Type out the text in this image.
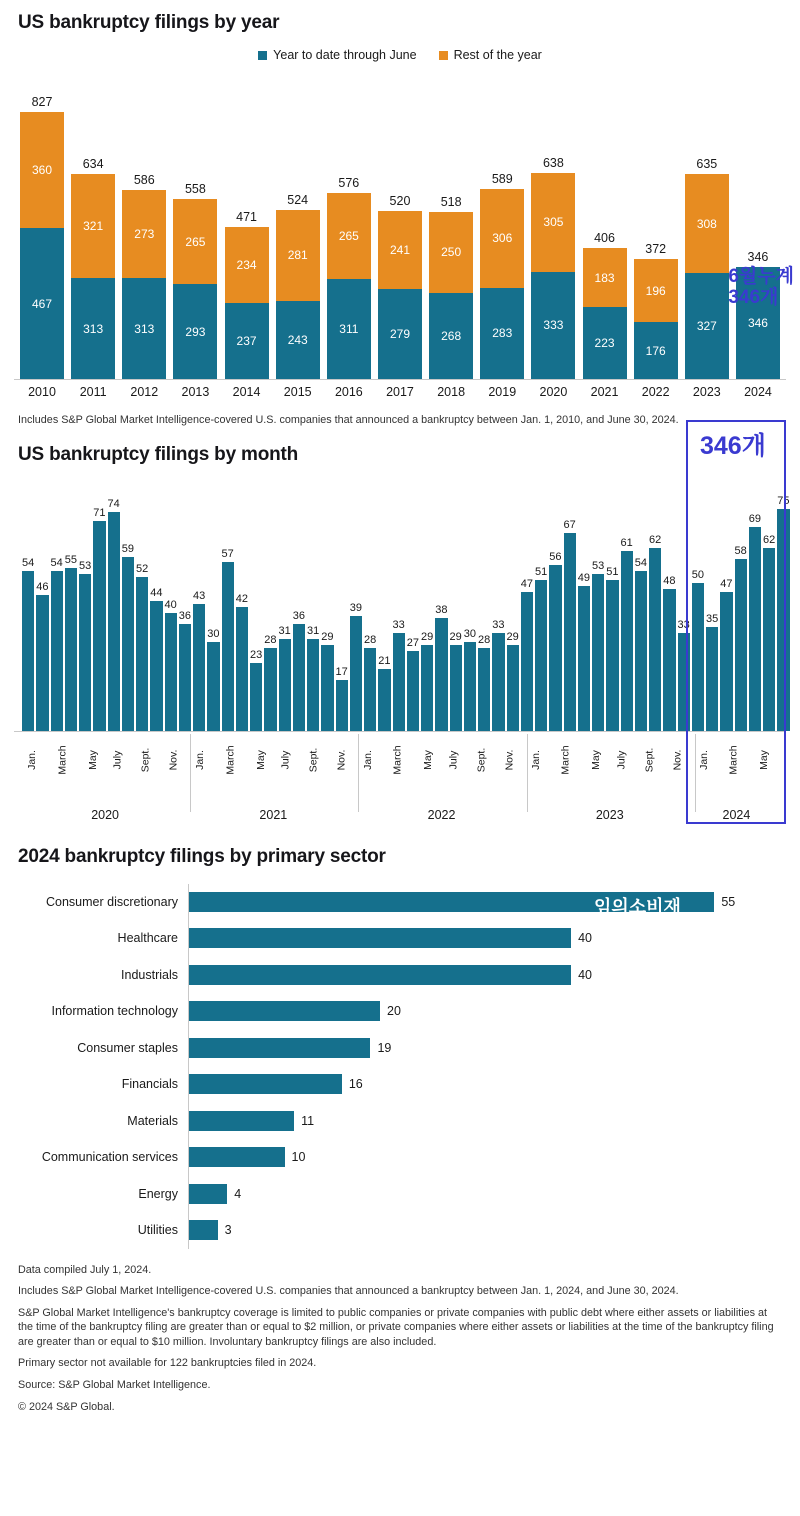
US bankruptcy filings by year
Year to date through June	Rest of the year
827
360
467
634
321
313
586
273
313
558
265
293
471
234
237
524
281
243
576
265
311
520
241
279
518
250
268
589
306
283
638
305
333
406
183
223
372
196
176
635
308
327
346
346
2010	2011	2012	2013	2014	2015	2016	2017	2018	2019	2020	2021	2022	2023	2024
6월누계
346개
Includes S&P Global Market Intelligence-covered U.S. companies that announced a bankruptcy between Jan. 1, 2010, and June 30, 2024.
US bankruptcy filings by month
54
46
54 55 53
71
74
59
52
44
40
36
43
30
57
42
23
28
31
36
31 29
17
39
28
21
33
27 29
38
29 30 28
33
29
47
51
56
67
49
53 51
61
54
62
48
33
50
35
47
58
69
62
75
Jan.	March	May	July	Sept.	Nov.	Jan.	March	May	July	Sept.	Nov.	Jan.	March	May	July	Sept.	Nov.	Jan.	March	May	July	Sept.	Nov.	Jan.	March	May
2020	2021	2022	2023	2024
346개
2024 bankruptcy filings by primary sector
Consumer discretionary	55
Healthcare	40
Industrials	40
Information technology	20
Consumer staples	19
Financials	16
Materials	11
Communication services	10
Energy	4
Utilities	3
임의소비재

Data compiled July 1, 2024.

Includes S&P Global Market Intelligence-covered U.S. companies that announced a bankruptcy between Jan. 1, 2024, and June 30, 2024.

S&P Global Market Intelligence's bankruptcy coverage is limited to public companies or private companies with public debt where either assets or liabilities at the time of the bankruptcy filing are greater than or equal to $2 million, or private companies where either assets or liabilities at the time of the bankruptcy filing are greater than or equal to $10 million. Involuntary bankruptcy filings are also included.

Primary sector not available for 122 bankruptcies filed in 2024.

Source: S&P Global Market Intelligence.

© 2024 S&P Global.
